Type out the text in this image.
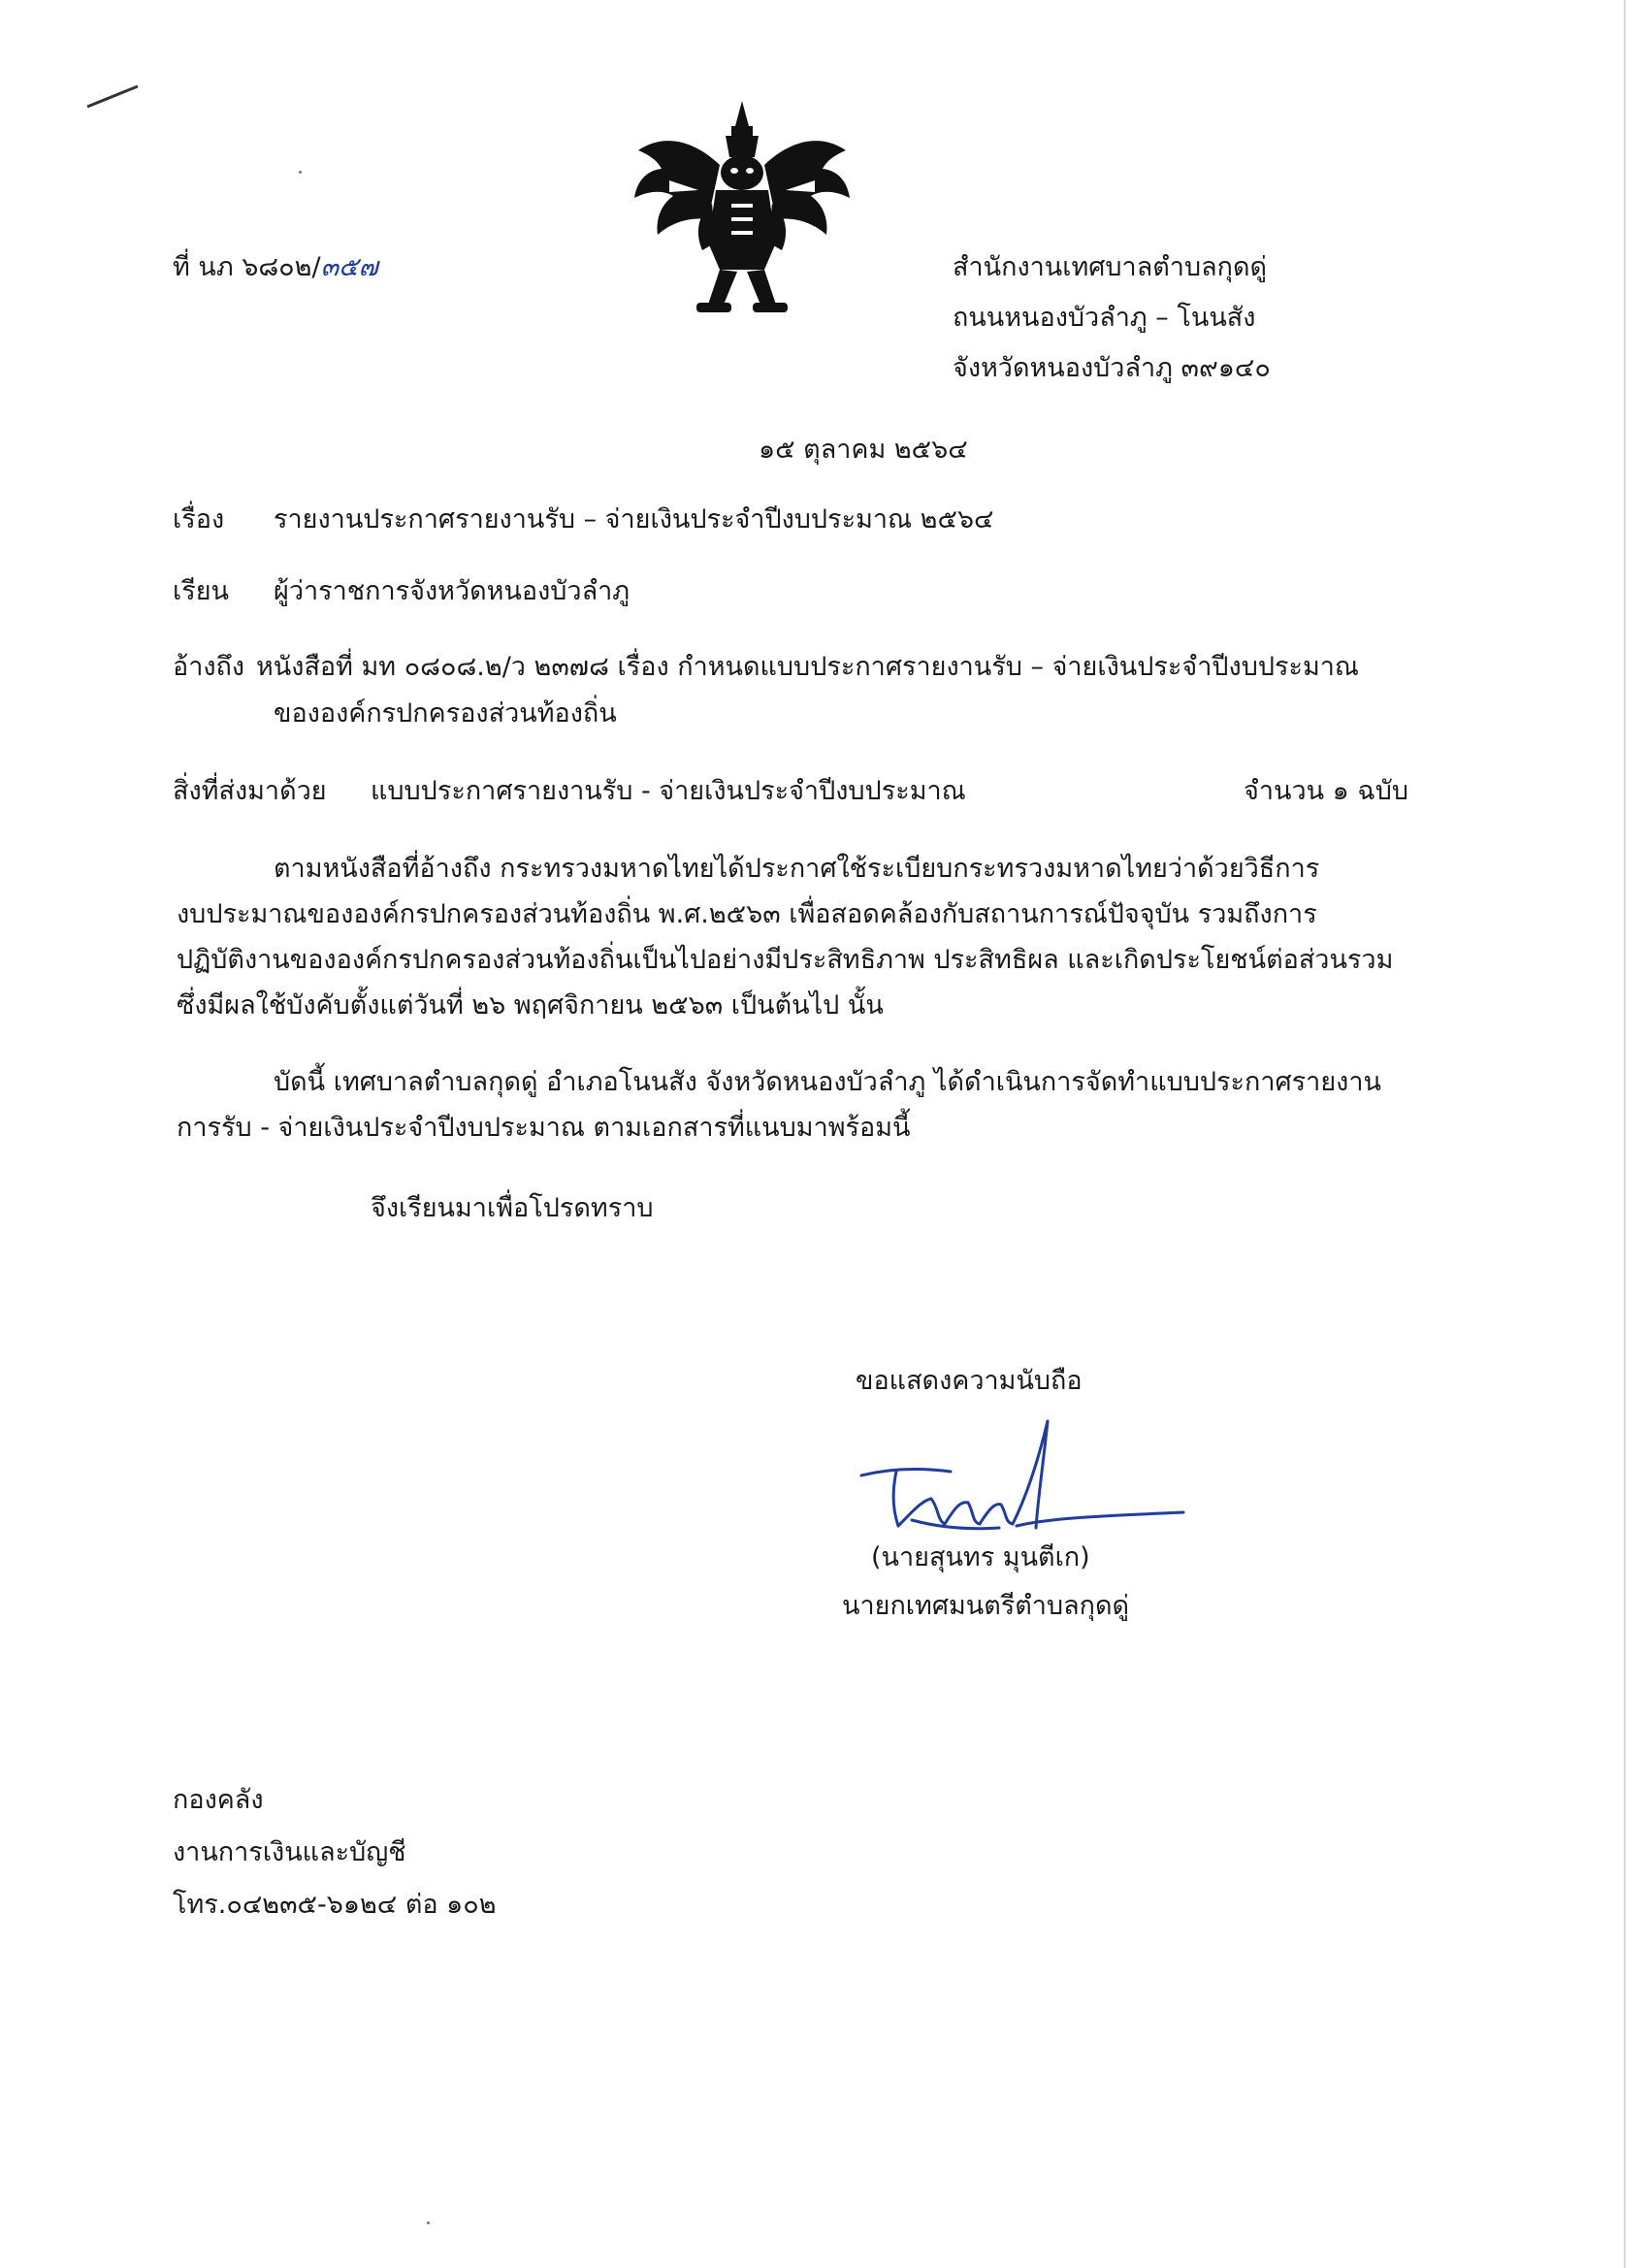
ที่ นภ ๖๘๐๒/๓๕๗	สำนักงานเทศบาลตำบลกุดดู่
ถนนหนองบัวลำภู – โนนสัง
จังหวัดหนองบัวลำภู ๓๙๑๔๐
๑๕ ตุลาคม ๒๕๖๔
เรื่อง รายงานประกาศรายงานรับ – จ่ายเงินประจำปีงบประมาณ ๒๕๖๔
เรียน ผู้ว่าราชการจังหวัดหนองบัวลำภู
อ้างถึง หนังสือที่ มท ๐๘๐๘.๒/ว ๒๓๗๘ เรื่อง กำหนดแบบประกาศรายงานรับ – จ่ายเงินประจำปีงบประมาณ
ขององค์กรปกครองส่วนท้องถิ่น
สิ่งที่ส่งมาด้วย แบบประกาศรายงานรับ - จ่ายเงินประจำปีงบประมาณ	จำนวน ๑ ฉบับ
ตามหนังสือที่อ้างถึง กระทรวงมหาดไทยได้ประกาศใช้ระเบียบกระทรวงมหาดไทยว่าด้วยวิธีการ
งบประมาณขององค์กรปกครองส่วนท้องถิ่น พ.ศ.๒๕๖๓ เพื่อสอดคล้องกับสถานการณ์ปัจจุบัน รวมถึงการ
ปฏิบัติงานขององค์กรปกครองส่วนท้องถิ่นเป็นไปอย่างมีประสิทธิภาพ ประสิทธิผล และเกิดประโยชน์ต่อส่วนรวม
ซึ่งมีผลใช้บังคับตั้งแต่วันที่ ๒๖ พฤศจิกายน ๒๕๖๓ เป็นต้นไป นั้น
บัดนี้ เทศบาลตำบลกุดดู่ อำเภอโนนสัง จังหวัดหนองบัวลำภู ได้ดำเนินการจัดทำแบบประกาศรายงาน
การรับ - จ่ายเงินประจำปีงบประมาณ ตามเอกสารที่แนบมาพร้อมนี้
จึงเรียนมาเพื่อโปรดทราบ
ขอแสดงความนับถือ
(นายสุนทร มุนตีเก)
นายกเทศมนตรีตำบลกุดดู่
กองคลัง
งานการเงินและบัญชี
โทร.๐๔๒๓๕-๖๑๒๔ ต่อ ๑๐๒
